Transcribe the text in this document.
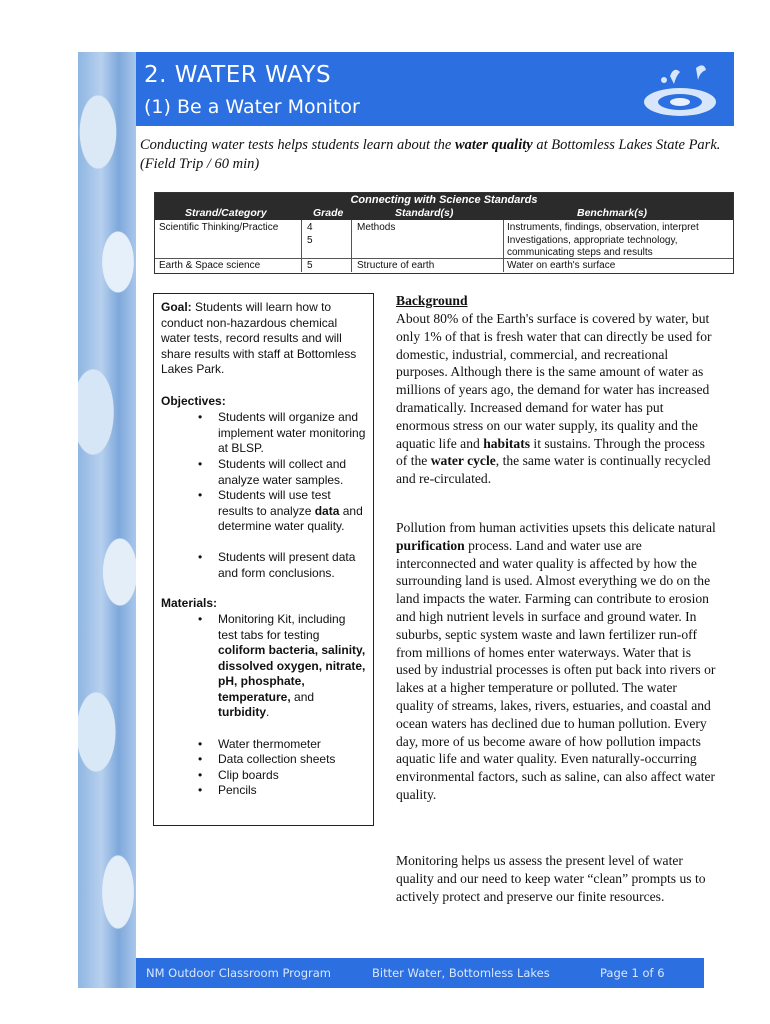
2. WATER WAYS
(1) Be a Water Monitor
Conducting water tests helps students learn about the water quality at Bottomless Lakes State Park. (Field Trip / 60 min)
Connecting with Science Standards
Strand/Category	Grade	Standard(s)	Benchmark(s)
Scientific Thinking/Practice	4	Methods	Instruments, findings, observation, interpret
5	Investigations, appropriate technology, communicating steps and results
Earth & Space science	5	Structure of earth	Water on earth's surface
Goal: Students will learn how to conduct non-hazardous chemical water tests, record results and will share results with staff at Bottomless Lakes Park.
Objectives:
• Students will organize and implement water monitoring at BLSP.
• Students will collect and analyze water samples.
• Students will use test results to analyze data and determine water quality.
• Students will present data and form conclusions.
Materials:
• Monitoring Kit, including test tabs for testing coliform bacteria, salinity, dissolved oxygen, nitrate, pH, phosphate, temperature, and turbidity.
• Water thermometer
• Data collection sheets
• Clip boards
• Pencils
Background
About 80% of the Earth's surface is covered by water, but only 1% of that is fresh water that can directly be used for domestic, industrial, commercial, and recreational purposes. Although there is the same amount of water as millions of years ago, the demand for water has increased dramatically. Increased demand for water has put enormous stress on our water supply, its quality and the aquatic life and habitats it sustains. Through the process of the water cycle, the same water is continually recycled and re-circulated.
Pollution from human activities upsets this delicate natural purification process. Land and water use are interconnected and water quality is affected by how the surrounding land is used. Almost everything we do on the land impacts the water. Farming can contribute to erosion and high nutrient levels in surface and ground water. In suburbs, septic system waste and lawn fertilizer run-off from millions of homes enter waterways. Water that is used by industrial processes is often put back into rivers or lakes at a higher temperature or polluted. The water quality of streams, lakes, rivers, estuaries, and coastal and ocean waters has declined due to human pollution. Every day, more of us become aware of how pollution impacts aquatic life and water quality. Even naturally-occurring environmental factors, such as saline, can also affect water quality.
Monitoring helps us assess the present level of water quality and our need to keep water “clean” prompts us to actively protect and preserve our finite resources.
NM Outdoor Classroom Program	Bitter Water, Bottomless Lakes	Page 1 of 6
